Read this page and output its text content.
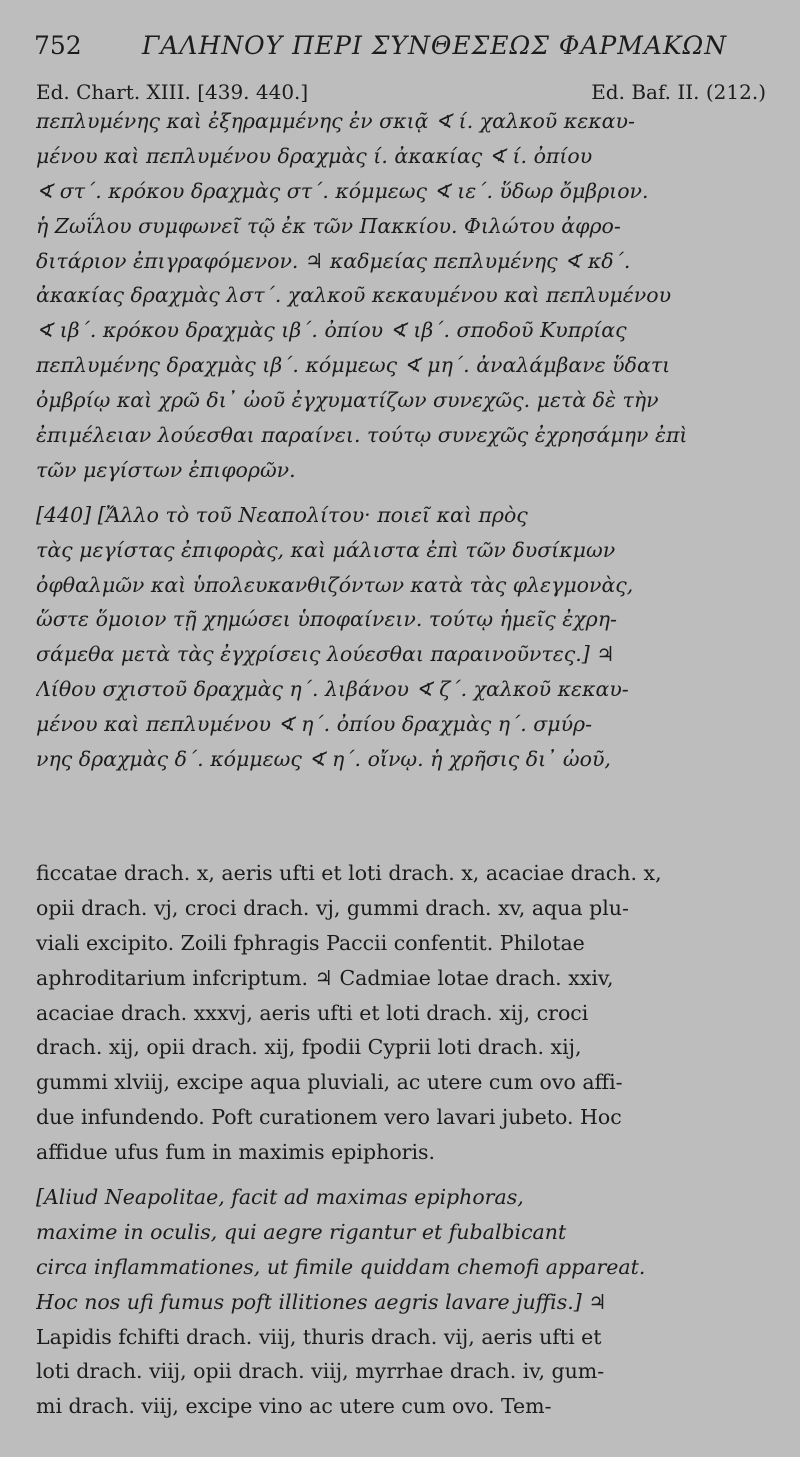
752 ΓΑΛΗΝΟΥ ΠΕΡΙ ΣΥΝΘΕΣΕΩΣ ΦΑΡΜΑΚΩΝ
Ed. Chart. XIII. [439. 440.]	Ed. Baf. II. (212.)
πεπλυμένης καὶ ἐξηραμμένης ἐν σκιᾷ ∢ ί. χαλκοῦ κεκαυ-
μένου καὶ πεπλυμένου δραχμὰς ί. ἀκακίας ∢ ί. ὀπίου
∢ στ΄. κρόκου δραχμὰς στ΄. κόμμεως ∢ ιε΄. ὕδωρ ὄμβριον.
ἡ Ζωΐλου συμφωνεῖ τῷ ἐκ τῶν Πακκίου. Φιλώτου ἀφρο-
διτάριον ἐπιγραφόμενον. ♃ καδμείας πεπλυμένης ∢ κδ΄.
ἀκακίας δραχμὰς λστ΄. χαλκοῦ κεκαυμένου καὶ πεπλυμένου
∢ ιβ΄. κρόκου δραχμὰς ιβ΄. ὀπίου ∢ ιβ΄. σποδοῦ Κυπρίας
πεπλυμένης δραχμὰς ιβ΄. κόμμεως ∢ μη΄. ἀναλάμβανε ὕδατι
ὀμβρίῳ καὶ χρῶ δι᾽ ὠοῦ ἐγχυματίζων συνεχῶς. μετὰ δὲ τὴν
ἐπιμέλειαν λούεσθαι παραίνει. τούτῳ συνεχῶς ἐχρησάμην ἐπὶ
τῶν μεγίστων ἐπιφορῶν.
[440] [Ἄλλο τὸ τοῦ Νεαπολίτου· ποιεῖ καὶ πρὸς
τὰς μεγίστας ἐπιφορὰς, καὶ μάλιστα ἐπὶ τῶν δυσίκμων
ὀφθαλμῶν καὶ ὑπολευκανθιζόντων κατὰ τὰς φλεγμονὰς,
ὥστε ὅμοιον τῇ χημώσει ὑποφαίνειν. τούτῳ ἡμεῖς ἐχρη-
σάμεθα μετὰ τὰς ἐγχρίσεις λούεσθαι παραινοῦντες.] ♃
Λίθου σχιστοῦ δραχμὰς η΄. λιβάνου ∢ ζ΄. χαλκοῦ κεκαυ-
μένου καὶ πεπλυμένου ∢ η΄. ὀπίου δραχμὰς η΄. σμύρ-
νης δραχμὰς δ΄. κόμμεως ∢ η΄. οἴνῳ. ἡ χρῆσις δι᾽ ὠοῦ,
ficcatae drach. x, aeris ufti et loti drach. x, acaciae drach. x,
opii drach. vj, croci drach. vj, gummi drach. xv, aqua plu-
viali excipito. Zoili fphragis Paccii confentit. Philotae
aphroditarium infcriptum. ♃ Cadmiae lotae drach. xxiv,
acaciae drach. xxxvj, aeris ufti et loti drach. xij, croci
drach. xij, opii drach. xij, fpodii Cyprii loti drach. xij,
gummi xlviij, excipe aqua pluviali, ac utere cum ovo affi-
due infundendo. Poft curationem vero lavari jubeto. Hoc
affidue ufus fum in maximis epiphoris.
[Aliud Neapolitae, facit ad maximas epiphoras,
maxime in oculis, qui aegre rigantur et fubalbicant
circa inflammationes, ut fimile quiddam chemofi appareat.
Hoc nos ufi fumus poft illitiones aegris lavare juffis.] ♃
Lapidis fchifti drach. viij, thuris drach. vij, aeris ufti et
loti drach. viij, opii drach. viij, myrrhae drach. iv, gum-
mi drach. viij, excipe vino ac utere cum ovo. Tem-
